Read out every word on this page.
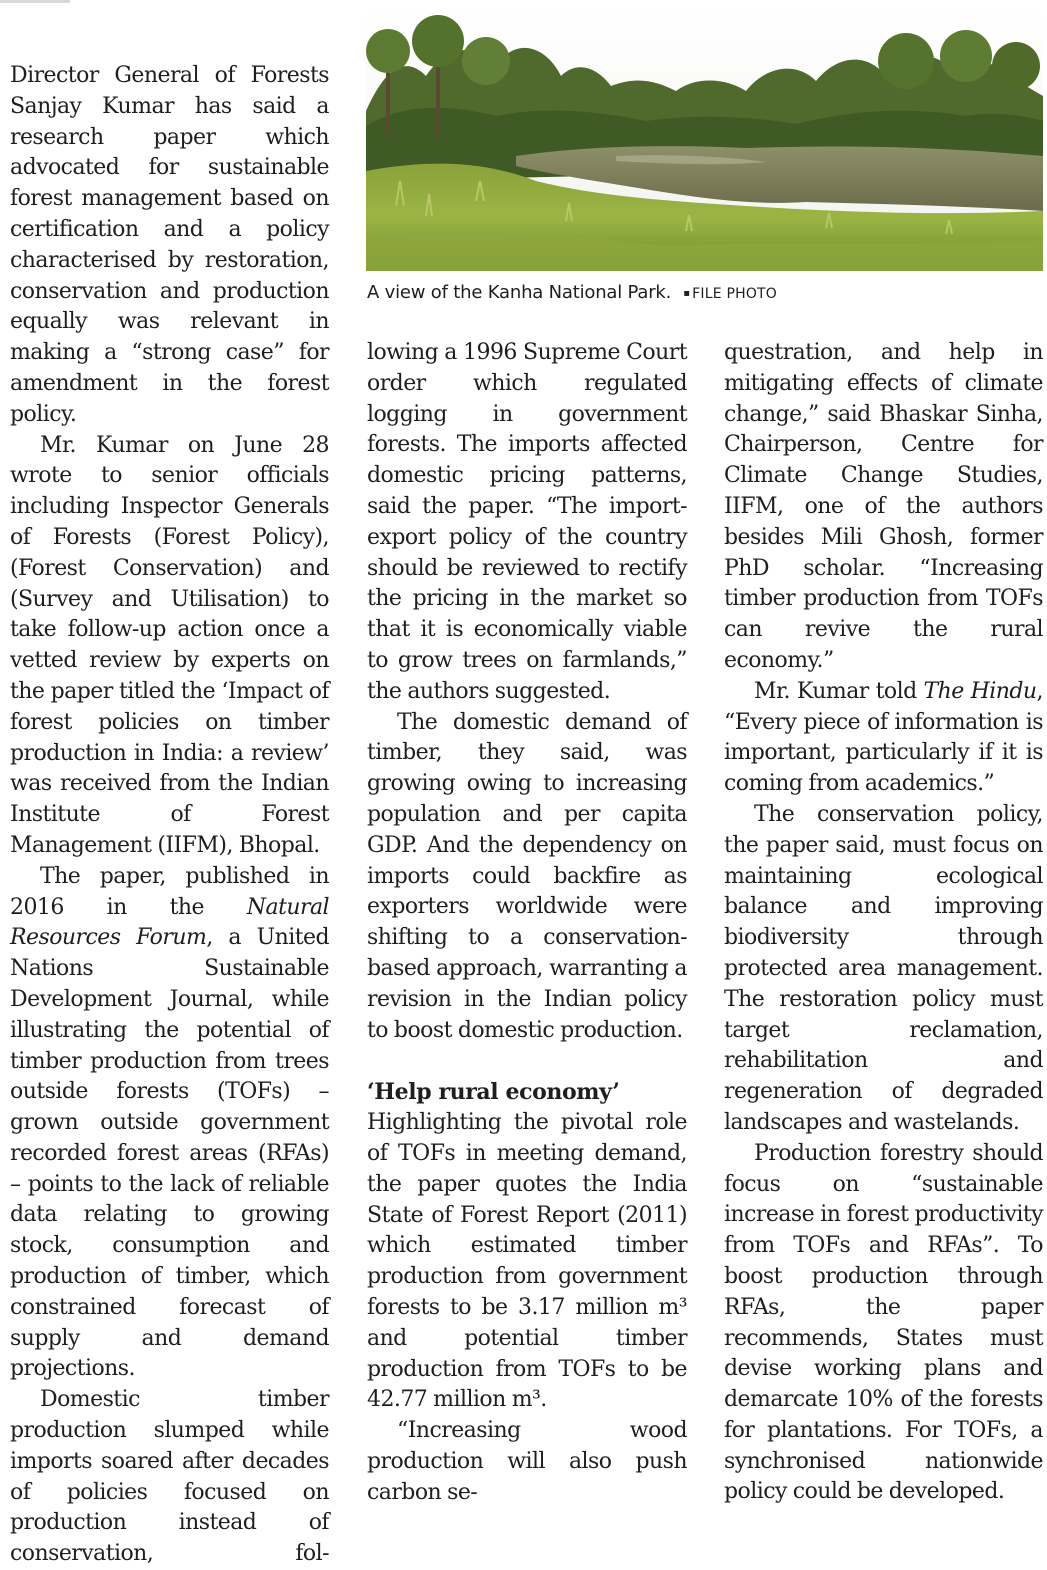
A view of the Kanha National Park. ▪ FILE PHOTO

Director General of Forests Sanjay Kumar has said a research paper which advocated for sustainable forest management based on certification and a policy characterised by restoration, conservation and production equally was relevant in making a “strong case” for amendment in the forest policy.

Mr. Kumar on June 28 wrote to senior officials including Inspector Generals of Forests (Forest Policy), (Forest Conservation) and (Survey and Utilisation) to take follow-up action once a vetted review by experts on the paper titled the ‘Impact of forest policies on timber production in India: a review’ was received from the Indian Institute of Forest Management (IIFM), Bhopal.

The paper, published in 2016 in the Natural Resources Forum, a United Nations Sustainable Development Journal, while illustrating the potential of timber production from trees outside forests (TOFs) – grown outside government recorded forest areas (RFAs) – points to the lack of reliable data relating to growing stock, consumption and production of timber, which constrained forecast of supply and demand projections.

Domestic timber production slumped while imports soared after decades of policies focused on production instead of conservation, fol-

lowing a 1996 Supreme Court order which regulated logging in government forests. The imports affected domestic pricing patterns, said the paper. “The import-export policy of the country should be reviewed to rectify the pricing in the market so that it is economically viable to grow trees on farmlands,” the authors suggested.

The domestic demand of timber, they said, was growing owing to increasing population and per capita GDP. And the dependency on imports could backfire as exporters worldwide were shifting to a conservation-based approach, warranting a revision in the Indian policy to boost domestic production.

‘Help rural economy’

Highlighting the pivotal role of TOFs in meeting demand, the paper quotes the India State of Forest Report (2011) which estimated timber production from government forests to be 3.17 million m³ and potential timber production from TOFs to be 42.77 million m³.

“Increasing wood production will also push carbon se-

questration, and help in mitigating effects of climate change,” said Bhaskar Sinha, Chairperson, Centre for Climate Change Studies, IIFM, one of the authors besides Mili Ghosh, former PhD scholar. “Increasing timber production from TOFs can revive the rural economy.”

Mr. Kumar told The Hindu, “Every piece of information is important, particularly if it is coming from academics.”

The conservation policy, the paper said, must focus on maintaining ecological balance and improving biodiversity through protected area management. The restoration policy must target reclamation, rehabilitation and regeneration of degraded landscapes and wastelands.

Production forestry should focus on “sustainable increase in forest productivity from TOFs and RFAs”. To boost production through RFAs, the paper recommends, States must devise working plans and demarcate 10% of the forests for plantations. For TOFs, a synchronised nationwide policy could be developed.
